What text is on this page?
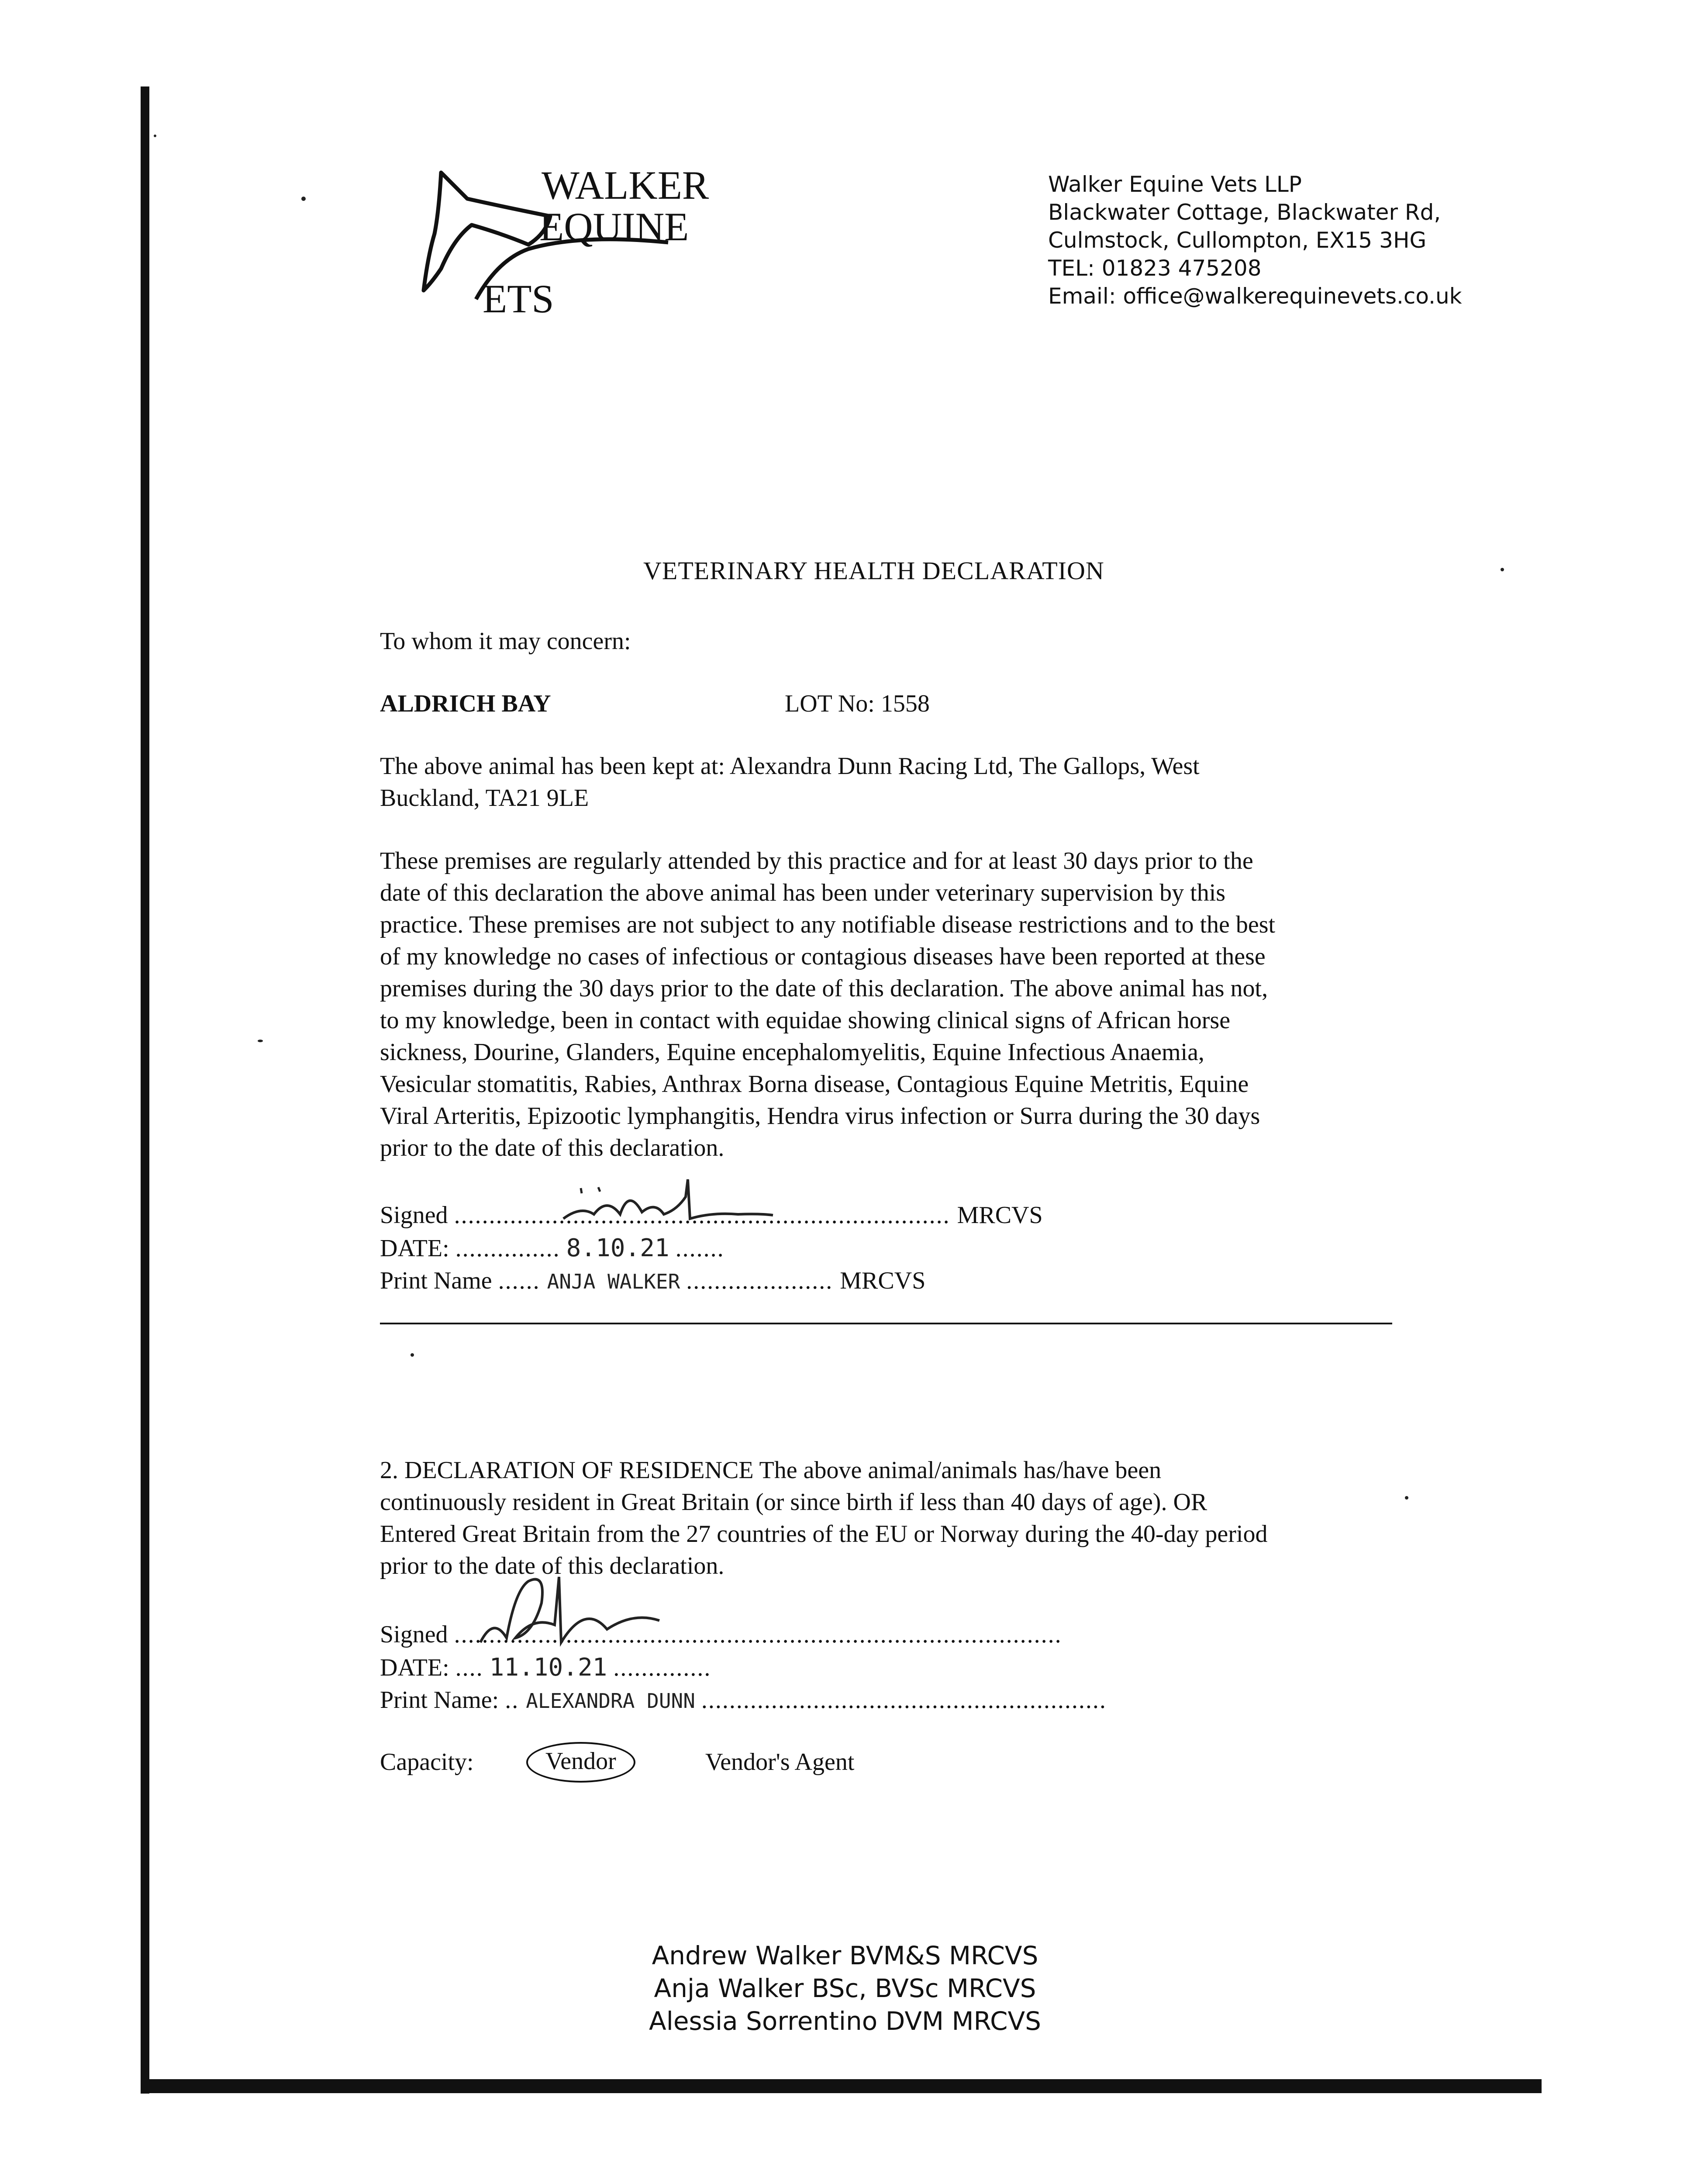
WALKER
EQUINE
ETS
Walker Equine Vets LLP
Blackwater Cottage, Blackwater Rd,
Culmstock, Cullompton, EX15 3HG
TEL: 01823 475208
Email: office@walkerequinevets.co.uk
VETERINARY HEALTH DECLARATION
To whom it may concern:
ALDRICH BAY	LOT No: 1558
The above animal has been kept at: Alexandra Dunn Racing Ltd, The Gallops, West
Buckland, TA21 9LE
These premises are regularly attended by this practice and for at least 30 days prior to the
date of this declaration the above animal has been under veterinary supervision by this
practice. These premises are not subject to any notifiable disease restrictions and to the best
of my knowledge no cases of infectious or contagious diseases have been reported at these
premises during the 30 days prior to the date of this declaration. The above animal has not,
to my knowledge, been in contact with equidae showing clinical signs of African horse
sickness, Dourine, Glanders, Equine encephalomyelitis, Equine Infectious Anaemia,
Vesicular stomatitis, Rabies, Anthrax Borna disease, Contagious Equine Metritis, Equine
Viral Arteritis, Epizootic lymphangitis, Hendra virus infection or Surra during the 30 days
prior to the date of this declaration.
Signed ....................................................................... MRCVS
DATE: ............... 8.10.21 .......
Print Name ...... ANJA WALKER ..................... MRCVS
2. DECLARATION OF RESIDENCE The above animal/animals has/have been
continuously resident in Great Britain (or since birth if less than 40 days of age). OR
Entered Great Britain from the 27 countries of the EU or Norway during the 40-day period
prior to the date of this declaration.
Signed .......................................................................................
DATE: .... 11.10.21 ..............
Print Name: .. ALEXANDRA DUNN ..........................................................
Capacity:	Vendor	Vendor's Agent
Andrew Walker BVM&S MRCVS
Anja Walker BSc, BVSc MRCVS
Alessia Sorrentino DVM MRCVS
